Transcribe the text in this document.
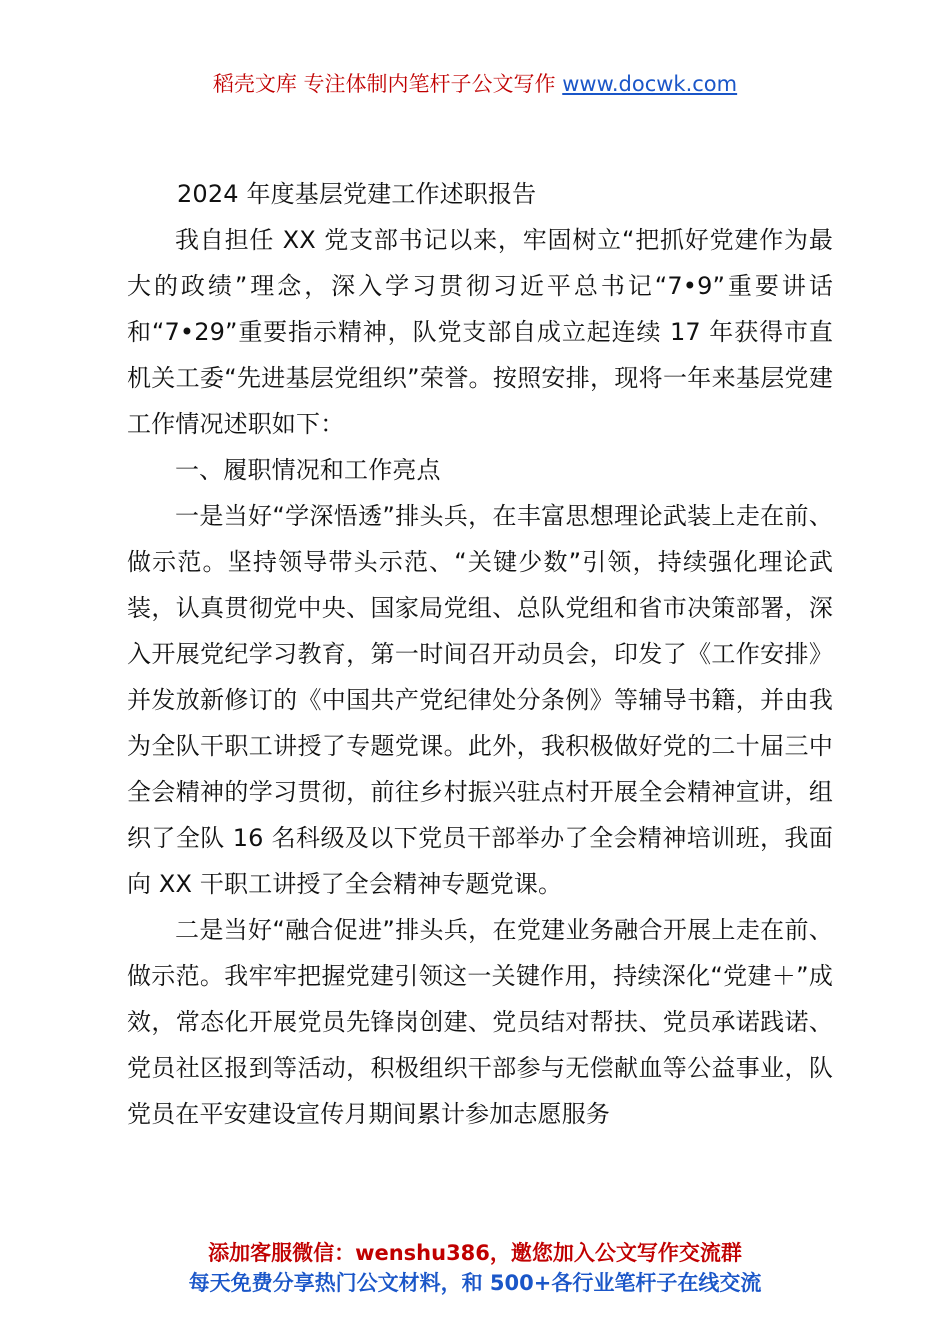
稻壳文库 专注体制内笔杆子公文写作 www.docwk.com

2024 年度基层党建工作述职报告

我自担任 XX 党支部书记以来，牢固树立“把抓好党建作为最大的政绩”理念，深入学习贯彻习近平总书记“7•9”重要讲话和“7•29”重要指示精神，队党支部自成立起连续 17 年获得市直机关工委“先进基层党组织”荣誉。按照安排，现将一年来基层党建工作情况述职如下：

一、履职情况和工作亮点

一是当好“学深悟透”排头兵，在丰富思想理论武装上走在前、做示范。坚持领导带头示范、“关键少数”引领，持续强化理论武装，认真贯彻党中央、国家局党组、总队党组和省市决策部署，深入开展党纪学习教育，第一时间召开动员会，印发了《工作安排》并发放新修订的《中国共产党纪律处分条例》等辅导书籍，并由我为全队干职工讲授了专题党课。此外，我积极做好党的二十届三中全会精神的学习贯彻，前往乡村振兴驻点村开展全会精神宣讲，组织了全队 16 名科级及以下党员干部举办了全会精神培训班，我面向 XX 干职工讲授了全会精神专题党课。

二是当好“融合促进”排头兵，在党建业务融合开展上走在前、做示范。我牢牢把握党建引领这一关键作用，持续深化“党建＋”成效，常态化开展党员先锋岗创建、党员结对帮扶、党员承诺践诺、党员社区报到等活动，积极组织干部参与无偿献血等公益事业，队党员在平安建设宣传月期间累计参加志愿服务

添加客服微信：wenshu386，邀您加入公文写作交流群
每天免费分享热门公文材料，和 500+各行业笔杆子在线交流
